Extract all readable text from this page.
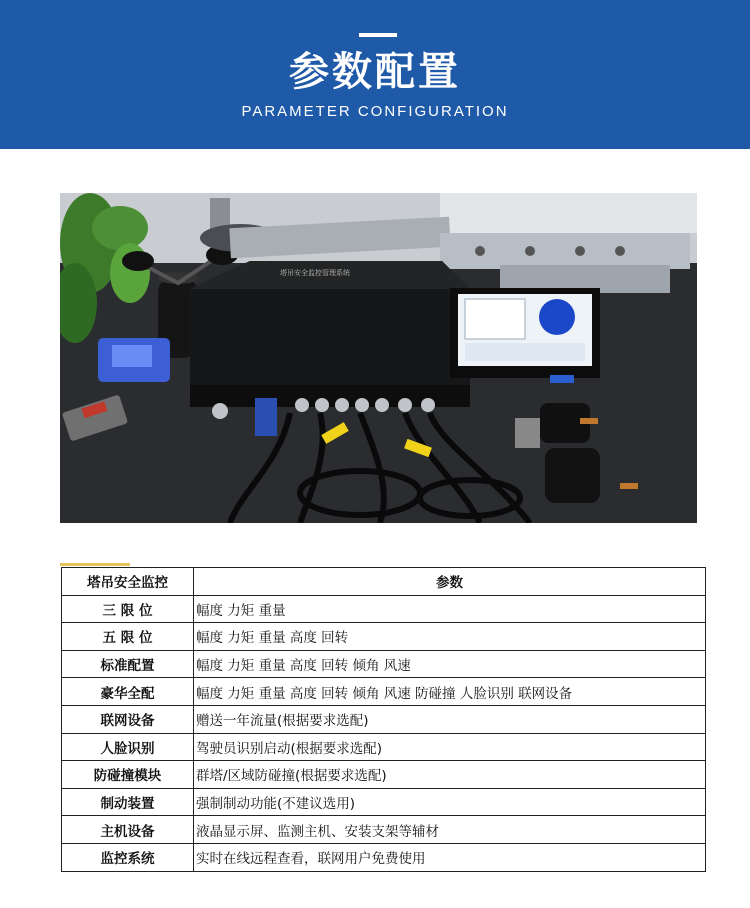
参数配置
PARAMETER CONFIGURATION
塔吊安全监控管理系统
塔吊安全监控	参数
三 限 位	幅度 力矩 重量
五 限 位	幅度 力矩 重量 高度 回转
标准配置	幅度 力矩 重量 高度 回转 倾角 风速
豪华全配	幅度 力矩 重量 高度 回转 倾角 风速 防碰撞 人脸识别 联网设备
联网设备	赠送一年流量(根据要求选配)
人脸识别	驾驶员识别启动(根据要求选配)
防碰撞模块	群塔/区域防碰撞(根据要求选配)
制动装置	强制制动功能(不建议选用)
主机设备	液晶显示屏、监测主机、安装支架等辅材
监控系统	实时在线远程查看，联网用户免费使用
